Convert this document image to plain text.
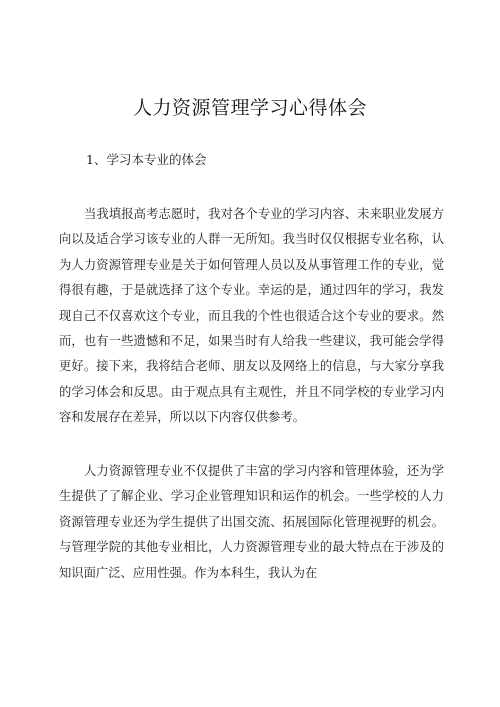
人力资源管理学习心得体会

1、学习本专业的体会

当我填报高考志愿时，我对各个专业的学习内容、未来职业发展方向以及适合学习该专业的人群一无所知。我当时仅仅根据专业名称，认为人力资源管理专业是关于如何管理人员以及从事管理工作的专业，觉得很有趣，于是就选择了这个专业。幸运的是，通过四年的学习，我发现自己不仅喜欢这个专业，而且我的个性也很适合这个专业的要求。然而，也有一些遗憾和不足，如果当时有人给我一些建议，我可能会学得更好。接下来，我将结合老师、朋友以及网络上的信息，与大家分享我的学习体会和反思。由于观点具有主观性，并且不同学校的专业学习内容和发展存在差异，所以以下内容仅供参考。

人力资源管理专业不仅提供了丰富的学习内容和管理体验，还为学生提供了了解企业、学习企业管理知识和运作的机会。一些学校的人力资源管理专业还为学生提供了出国交流、拓展国际化管理视野的机会。与管理学院的其他专业相比，人力资源管理专业的最大特点在于涉及的知识面广泛、应用性强。作为本科生，我认为在
